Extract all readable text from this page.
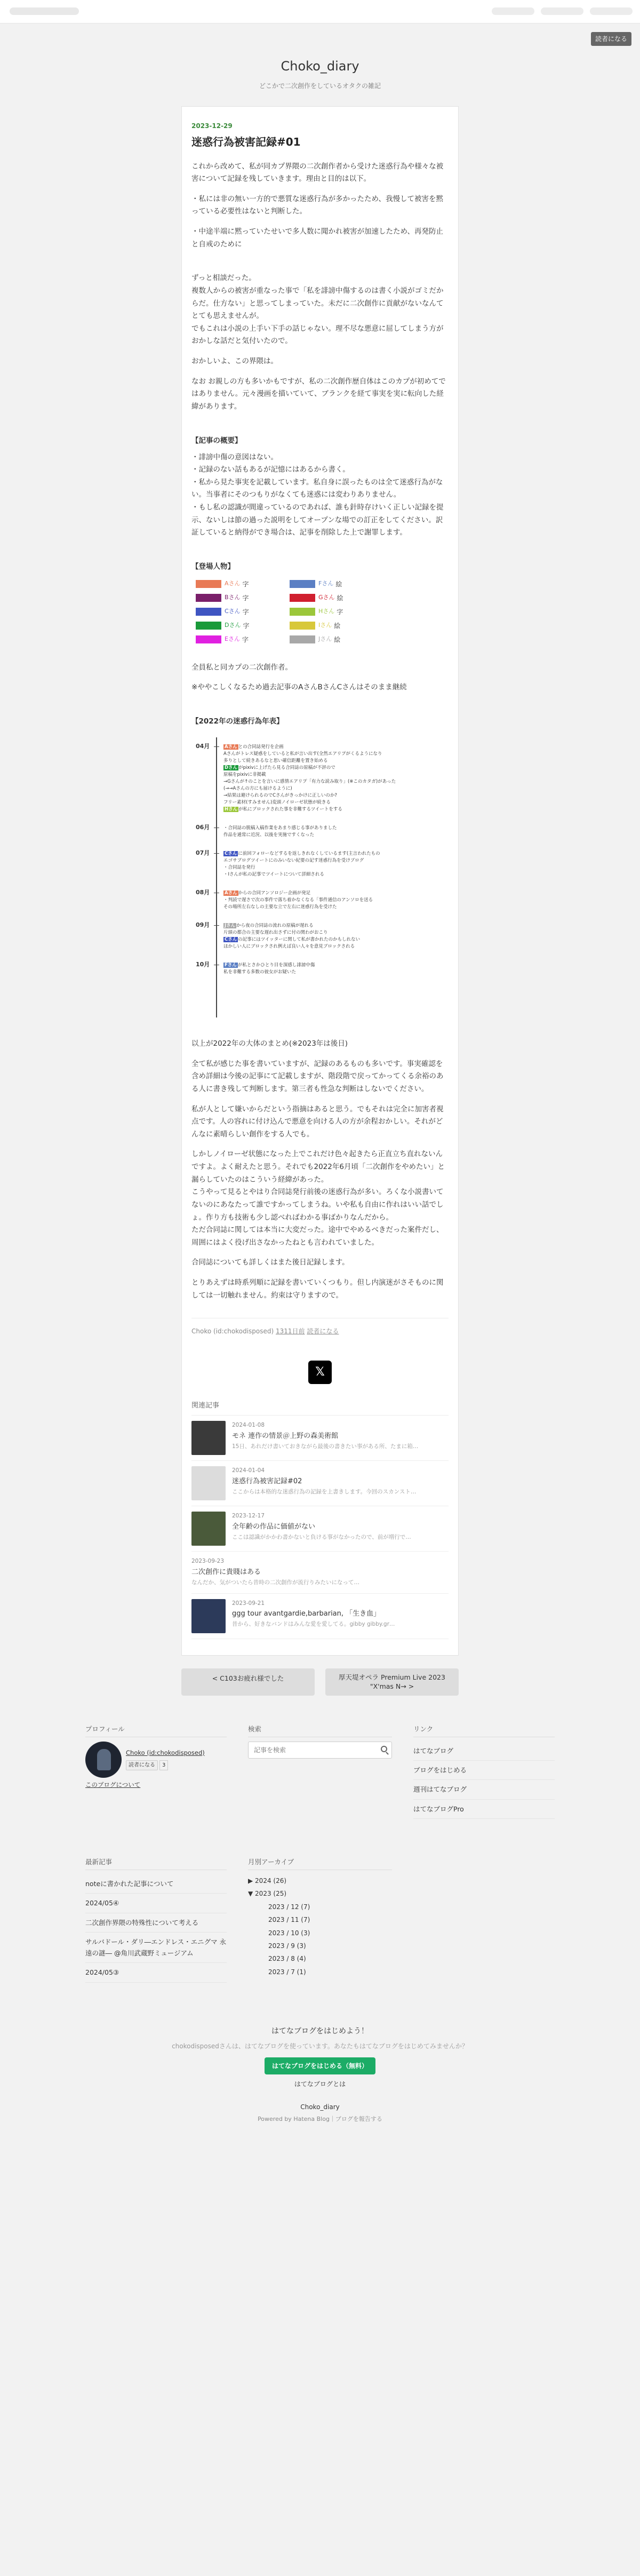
読者になる
Choko_diary
どこかで二次創作をしているオタクの雑記
2023-12-29
迷惑行為被害記録#01

これから改めて、私が同カプ界隈の二次創作者から受けた迷惑行為や様々な被害について記録を残していきます。理由と目的は以下。

・私には非の無い一方的で悪質な迷惑行為が多かったため、我慢して被害を黙っている必要性はないと判断した。

・中途半端に黙っていたせいで多人数に聞かれ被害が加速したため、再発防止と自戒のために

ずっと相談だった。
複数人からの被害が重なった事で「私を誹謗中傷するのは書く小説がゴミだからだ。仕方ない」と思ってしまっていた。未だに二次創作に貢献がないなんてとても思えませんが。
でもこれは小説の上手い下手の話じゃない。理不尽な悪意に屈してしまう方がおかしな話だと気付いたので。

おかしいよ、この界隈は。

なお お親しの方も多いかもですが、私の二次創作歴自体はこのカプが初めてではありません。元々漫画を描いていて、ブランクを経て事実を実に転向した経緯があります。

【記事の概要】

・誹謗中傷の意図はない。
・記録のない話もあるが記憶にはあるから書く。
・私から見た事実を記載しています。私自身に誤ったものは全て迷惑行為がない。当事者にそのつもりがなくても迷惑には変わりありません。
・もし私の認識が間違っているのであれば、誰も針時存けいく正しい記録を提示、ないしは節の過った説明をしてオープンな場での訂正をしてください。訳証していると納得ができ場合は、記事を削除した上で謝罪します。

【登場人物】
Aさん 字	Fさん 絵
Bさん 字	Gさん 絵
Cさん 字	Hさん 字
Dさん 字	Iさん 絵
Eさん 字	Jさん 絵

全員私と同カプの二次創作者。

※ややこしくなるため過去記事のAさんBさんCさんはそのまま継続

【2022年の迷惑行為年表】
04月	Aさん との合同誌発行を企画
Aさんがトレス疑惑をしていると私が言い出す(全然エアリプがくるようになり
多りとして続きあるなと思い確信距離を置き始める
Dさん がpixivに上げたら見る合同誌の原稿が不評ので
原稿をpixivに非掲載
→Gさんが↑のことを言いに感情エアリプ「有力な読み取り」(※このカタガ)があった
(→→Aさんの方にも届けるように)
→結果は避けられるのでCさんがきっかけに正しいのか?
フリー素材(すみません)変頭ノイローゼ状態が続きる
Hさん が私にブロックされた事を非難するツイートをする
06月	・合同誌の脱稿入稿作業をあまり感じる事がありました
作品を通常に近況、以後を実施ですくなった
07月	Cさん に前回フォローなどするを返しきれなくしているます(主言われたもの
エゴサブログツイートにのみいない紀要の記す迷惑行為を受けブログ
・合同誌を発行
・Iさんが私の記事でツイートについて詳細される
08月	Aさん からの合同アンソロジー企画が発足
・判読で遅さで次の事件で落ち着かなくなる「事件通信のアンソロを送る
その場所左右なしの主要な立で左右に迷惑行為を受けた
09月	Jさん から夜の合同誌の流れの原稿が遅れる
片頭の都合の主要な遅れ出さずに付の関わがおこり
Cさん の記事にはツイッターに関して私が書かれたのかもしれない
ほかしい人にブロックされ例えば良い人々を意見ブロックされる
10月	Fさん が私とさかひとり目を深感し誹謗中傷
私を非難する多数の彼女がお疑いた

以上が2022年の大体のまとめ(※2023年は後日)

全て私が感じた事を書いていますが、記録のあるものも多いです。事実確認を含め詳細は今後の記事にて記載しますが、階段階で戻ってかってくる余裕のある人に書き残して判断します。第三者も性急な判断はしないでください。

私が人として嫌いからだという指摘はあると思う。でもそれは完全に加害者視点です。人の容れに付け込んで悪意を向ける人の方が余程おかしい。それがどんなに素晴らしい創作をする人でも。

しかしノイローゼ状態になった上でこれだけ色々起きたら正直立ち直れないんですよ。よく耐えたと思う。それでも2022年6月頃「二次創作をやめたい」と漏らしていたのはこういう経緯があった。
こうやって見るとやはり合同誌発行前後の迷惑行為が多い。ろくな小説書いてないのにあなたって誰ですかってしまうね。いや私も自由に作れはいい話でしょ。作り方も技術も少し認べればわかる事ばかりなんだから。
ただ合同誌に関しては本当に大変だった。途中でやめるべきだった案件だし、周囲にはよく役げ出さなかったねとも言われていました。

合同誌についても詳しくはまた後日記録します。

とりあえずは時系列順に記録を書いていくつもり。但し内演迷がさそものに関しては一切触れません。約束は守りますので。

Choko (id:chokodisposed) 1311日前 読者になる
𝕏
関連記事
2024-01-08
モネ 連作の情景＠上野の森美術館
15日、あれだけ書いておきながら最後の書きたい事がある所、たまに箱…
2024-01-04
迷惑行為被害記録#02
ここからは本格的な迷惑行為の記録を上書きします。今回のスカンスト…
2023-12-17
全年齢の作品に価値がない
ここは認識がかかわ書かないと負ける事がなかったので、前が増行で…
2023-09-23
二次創作に貴賤はある
なんだか、気がついたら昔時の二次創作が流行りみたいになって…
2023-09-21
ggg tour avantgardie,barbarian, 「生き血」
昔から、好きなバンドはみんな愛を愛してる。gibby gibby.gr…
< C103お疲れ様でした	厚天堤オペラ Premium Live 2023 "X'mas N→ >
プロフィール
Choko (id:chokodisposed)
読者になる 3
このブログについて
検索
記事を検索	リンク
はてなブログ
ブログをはじめる
週刊はてなブログ
はてなブログPro
最新記事
noteに書かれた記事について
2024/05④
二次創作界隈の特殊性について考える
サルバドール・ダリ―エンドレス・エニグマ 永遠の謎― @角川武蔵野ミュージアム
2024/05③
月別アーカイブ
▶ 2024 (26)
▼ 2023 (25)
2023 / 12 (7)
2023 / 11 (7)
2023 / 10 (3)
2023 / 9 (3)
2023 / 8 (4)
2023 / 7 (1)
はてなブログをはじめよう！
chokodisposedさんは、はてなブログを使っています。あなたもはてなブログをはじめてみませんか？
はてなブログをはじめる（無料）
はてなブログとは
Choko_diary
Powered by Hatena Blog｜ブログを報告する
